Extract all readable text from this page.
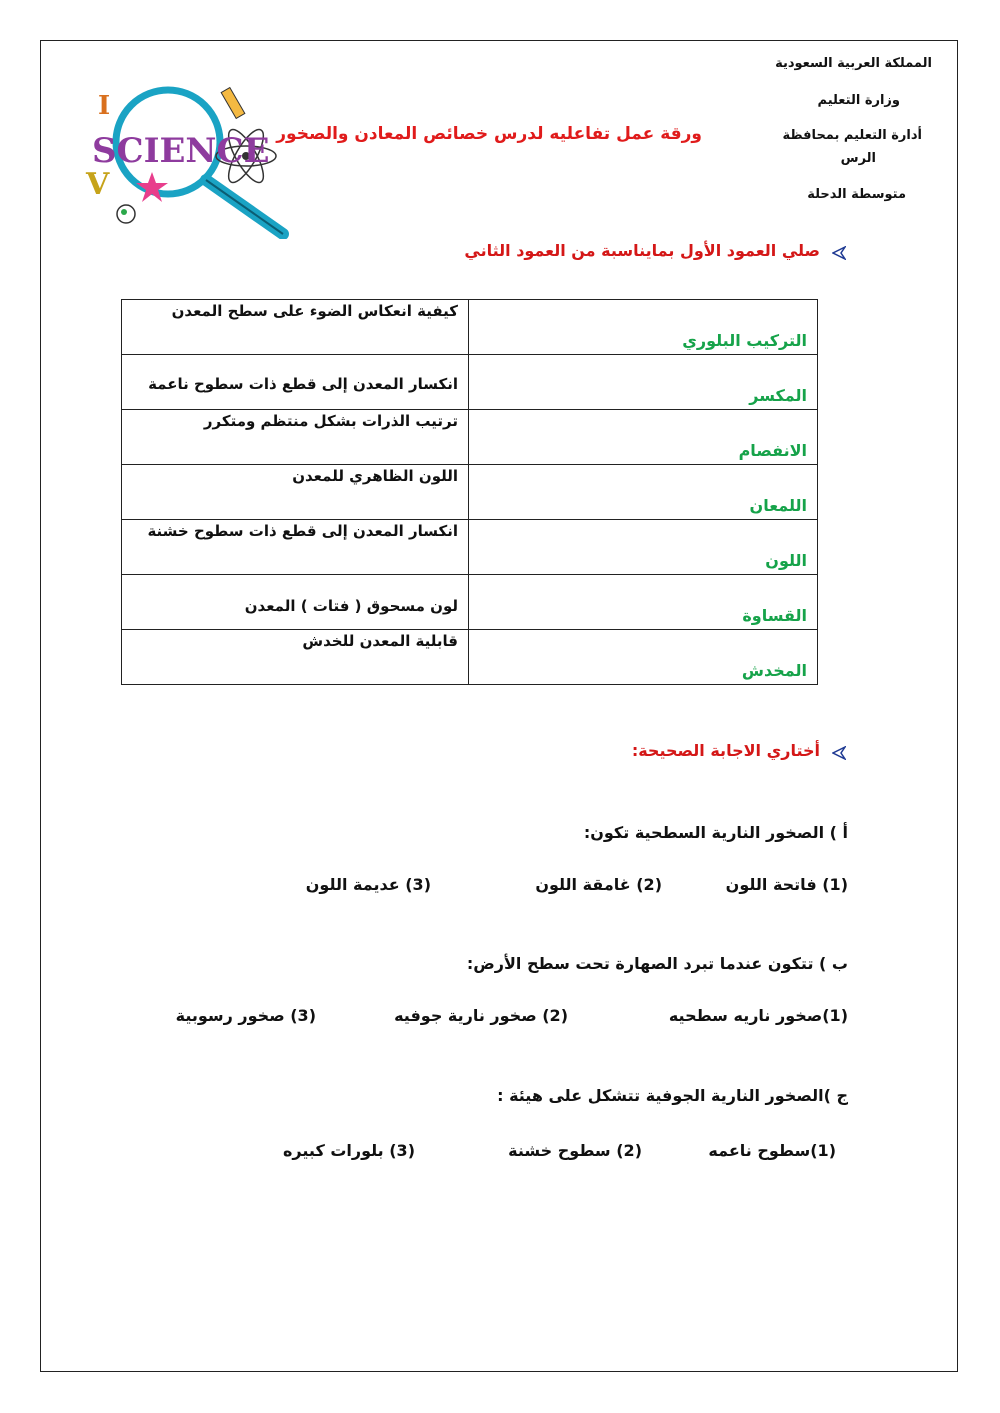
المملكة العربية السعودية
وزارة التعليم
أدارة التعليم بمحافظة
الرس
متوسطة الدحلة
SCIENCE
V
I
ورقة عمل تفاعليه لدرس خصائص المعادن والصخور
صلي العمود الأول بمايناسبة من العمود الثاني
كيفية انعكاس الضوء على سطح المعدن	التركيب البلوري

انكسار المعدن إلى قطع ذات سطوح ناعمة	المكسر

ترتيب الذرات بشكل منتظم ومتكرر	الانفصام

اللون الظاهري للمعدن	اللمعان

انكسار المعدن إلى قطع ذات سطوح خشنة	اللون

لون مسحوق ( فتات ) المعدن	القساوة

قابلية المعدن للخدش	المخدش
أختاري الاجابة الصحيحة:
أ ) الصخور النارية السطحية تكون:
(1) فاتحة اللون
(2) غامقة اللون
(3) عديمة اللون
ب ) تتكون عندما تبرد الصهارة تحت سطح الأرض:
(1)صخور ناريه سطحيه
(2) صخور نارية جوفيه
(3) صخور رسوبية
ج )الصخور النارية الجوفية تتشكل على هيئة :
(1)سطوح ناعمه
(2) سطوح خشنة
(3) بلورات كبيره
